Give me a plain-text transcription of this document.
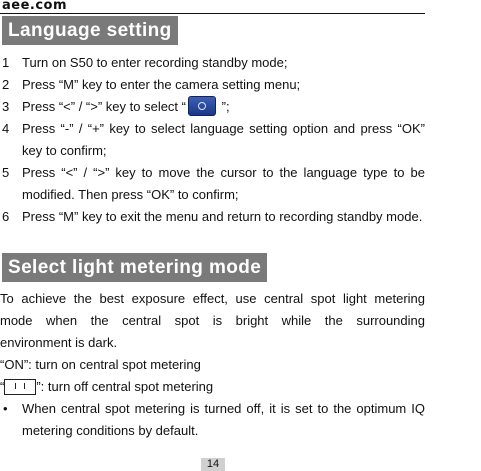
aee.com
Language setting
1 Turn on S50 to enter recording standby mode;
2 Press “M” key to enter the camera setting menu;
3 Press “<” / “>” key to select “ ”;
4 Press “-” / “+” key to select language setting option and press “OK” key to confirm;
5 Press “<” / “>” key to move the cursor to the language type to be modified. Then press “OK” to confirm;
6 Press “M” key to exit the menu and return to recording standby mode.
Select light metering mode
To achieve the best exposure effect, use central spot light metering
mode when the central spot is bright while the surrounding
environment is dark.
“ON”: turn on central spot metering
“ ”: turn off central spot metering
• When central spot metering is turned off, it is set to the optimum IQ metering conditions by default.
14
